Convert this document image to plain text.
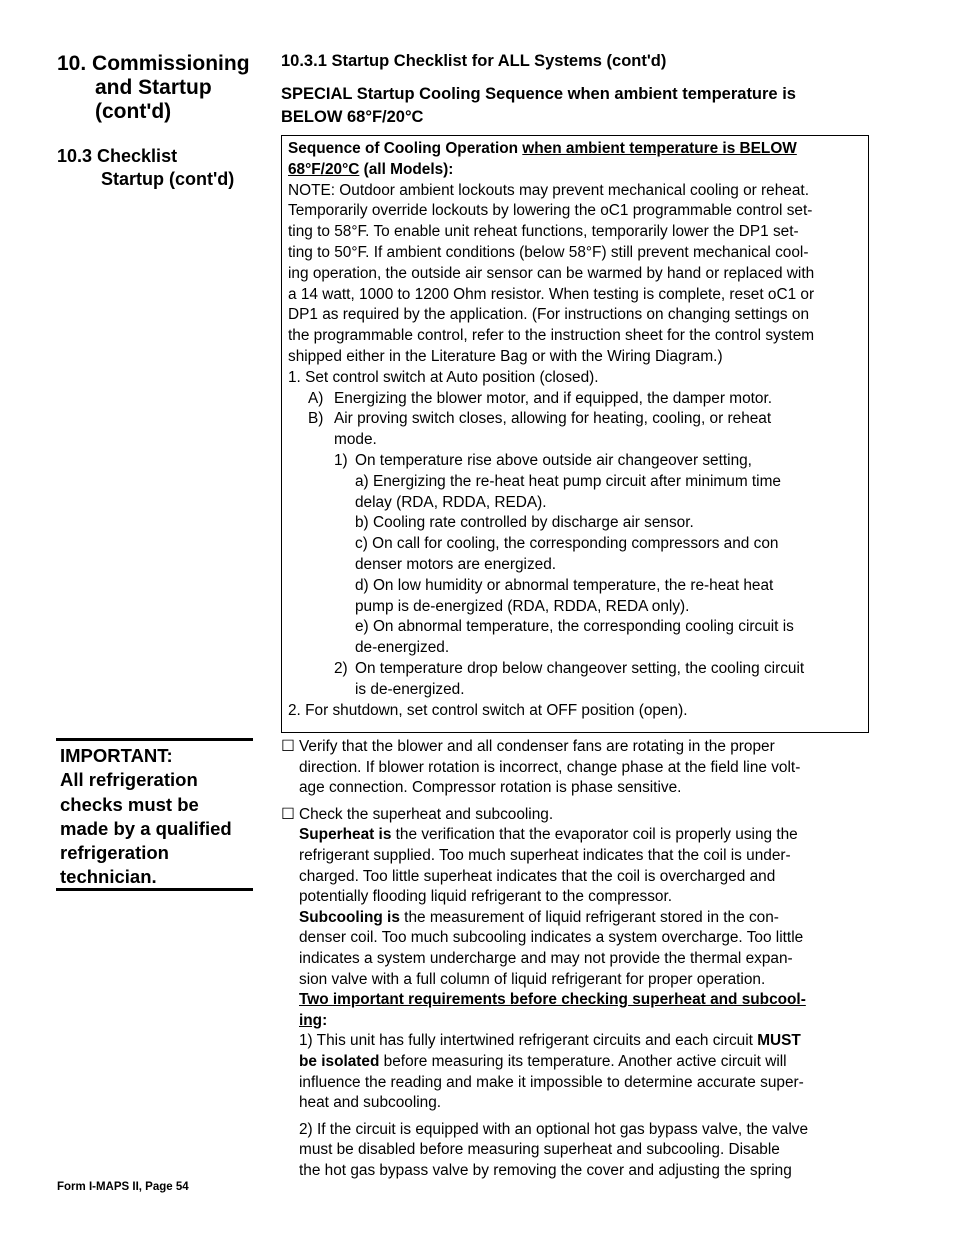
10. Commissioning
and Startup
(cont'd)
10.3 Checklist
Startup (cont'd)
IMPORTANT:
All refrigeration
checks must be
made by a qualified
refrigeration
technician.
10.3.1 Startup Checklist for ALL Systems (cont'd)
SPECIAL Startup Cooling Sequence when ambient temperature is
BELOW 68°F/20°C

Sequence of Cooling Operation when ambient temperature is BELOW
68°F/20°C (all Models):

NOTE: Outdoor ambient lockouts may prevent mechanical cooling or reheat.

Temporarily override lockouts by lowering the oC1 programmable control set-

ting to 58°F. To enable unit reheat functions, temporarily lower the DP1 set-

ting to 50°F. If ambient conditions (below 58°F) still prevent mechanical cool-

ing operation, the outside air sensor can be warmed by hand or replaced with

a 14 watt, 1000 to 1200 Ohm resistor. When testing is complete, reset oC1 or

DP1 as required by the application. (For instructions on changing settings on

the programmable control, refer to the instruction sheet for the control system

shipped either in the Literature Bag or with the Wiring Diagram.)

1. Set control switch at Auto position (closed).

A) Energizing the blower motor, and if equipped, the damper motor.
B) Air proving switch closes, allowing for heating, cooling, or reheat
mode.
1) On temperature rise above outside air changeover setting,

a) Energizing the re-heat heat pump circuit after minimum time

delay (RDA, RDDA, REDA).

b) Cooling rate controlled by discharge air sensor.

c) On call for cooling, the corresponding compressors and con

denser motors are energized.

d) On low humidity or abnormal temperature, the re-heat heat

pump is de-energized (RDA, RDDA, REDA only).

e) On abnormal temperature, the corresponding cooling circuit is

de-energized.

2) On temperature drop below changeover setting, the cooling circuit
is de-energized.

2. For shutdown, set control switch at OFF position (open).

☐ Verify that the blower and all condenser fans are rotating in the proper

direction. If blower rotation is incorrect, change phase at the field line volt-

age connection. Compressor rotation is phase sensitive.

☐ Check the superheat and subcooling.

Superheat is the verification that the evaporator coil is properly using the

refrigerant supplied. Too much superheat indicates that the coil is under-

charged. Too little superheat indicates that the coil is overcharged and

potentially flooding liquid refrigerant to the compressor.

Subcooling is the measurement of liquid refrigerant stored in the con-

denser coil. Too much subcooling indicates a system overcharge. Too little

indicates a system undercharge and may not provide the thermal expan-

sion valve with a full column of liquid refrigerant for proper operation.

Two important requirements before checking superheat and subcool-

ing:

1) This unit has fully intertwined refrigerant circuits and each circuit MUST

be isolated before measuring its temperature. Another active circuit will

influence the reading and make it impossible to determine accurate super-

heat and subcooling.

2) If the circuit is equipped with an optional hot gas bypass valve, the valve

must be disabled before measuring superheat and subcooling. Disable

the hot gas bypass valve by removing the cover and adjusting the spring

Form I-MAPS II, Page 54
